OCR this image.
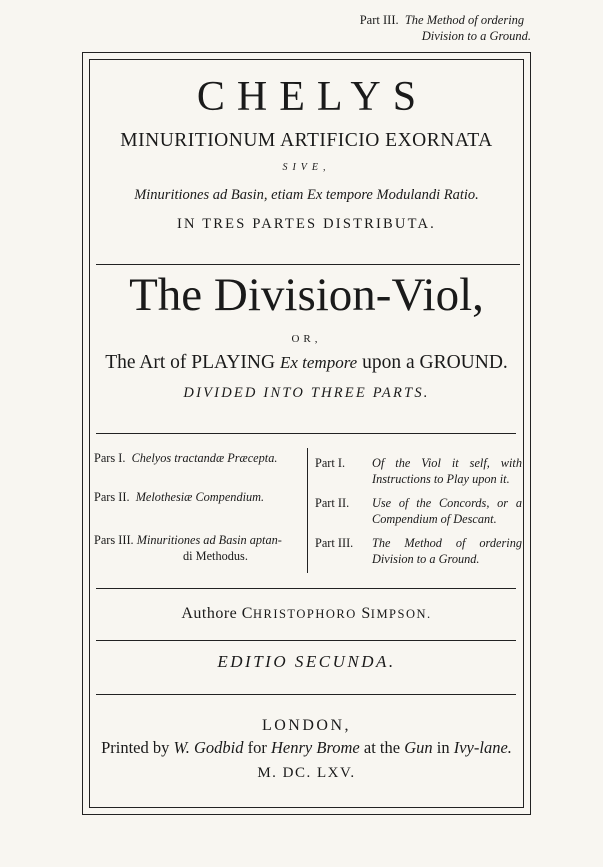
Part III. The Method of ordering
Division to a Ground.
CHELYS
MINURITIONUM ARTIFICIO EXORNATA
SIVE,
Minuritiones ad Basin, etiam Ex tempore Modulandi Ratio.
IN TRES PARTES DISTRIBUTA.
The Division-Viol,
OR,
The Art of PLAYING Ex tempore upon a GROUND.
DIVIDED INTO THREE PARTS.
Pars I. Chelyos tractandæ Præcepta.
Pars II. Melothesiæ Compendium.
Pars III. Minuritiones ad Basin aptan-
di Methodus.
Part I. Of the Viol it self, with Instructions to Play upon it.
Part II. Use of the Concords, or a Compendium of Descant.
Part III. The Method of ordering Division to a Ground.
Authore CHRISTOPHORO SIMPSON.
EDITIO SECUNDA.
LONDON,
Printed by W. Godbid for Henry Brome at the Gun in Ivy-lane.
M. DC. LXV.
